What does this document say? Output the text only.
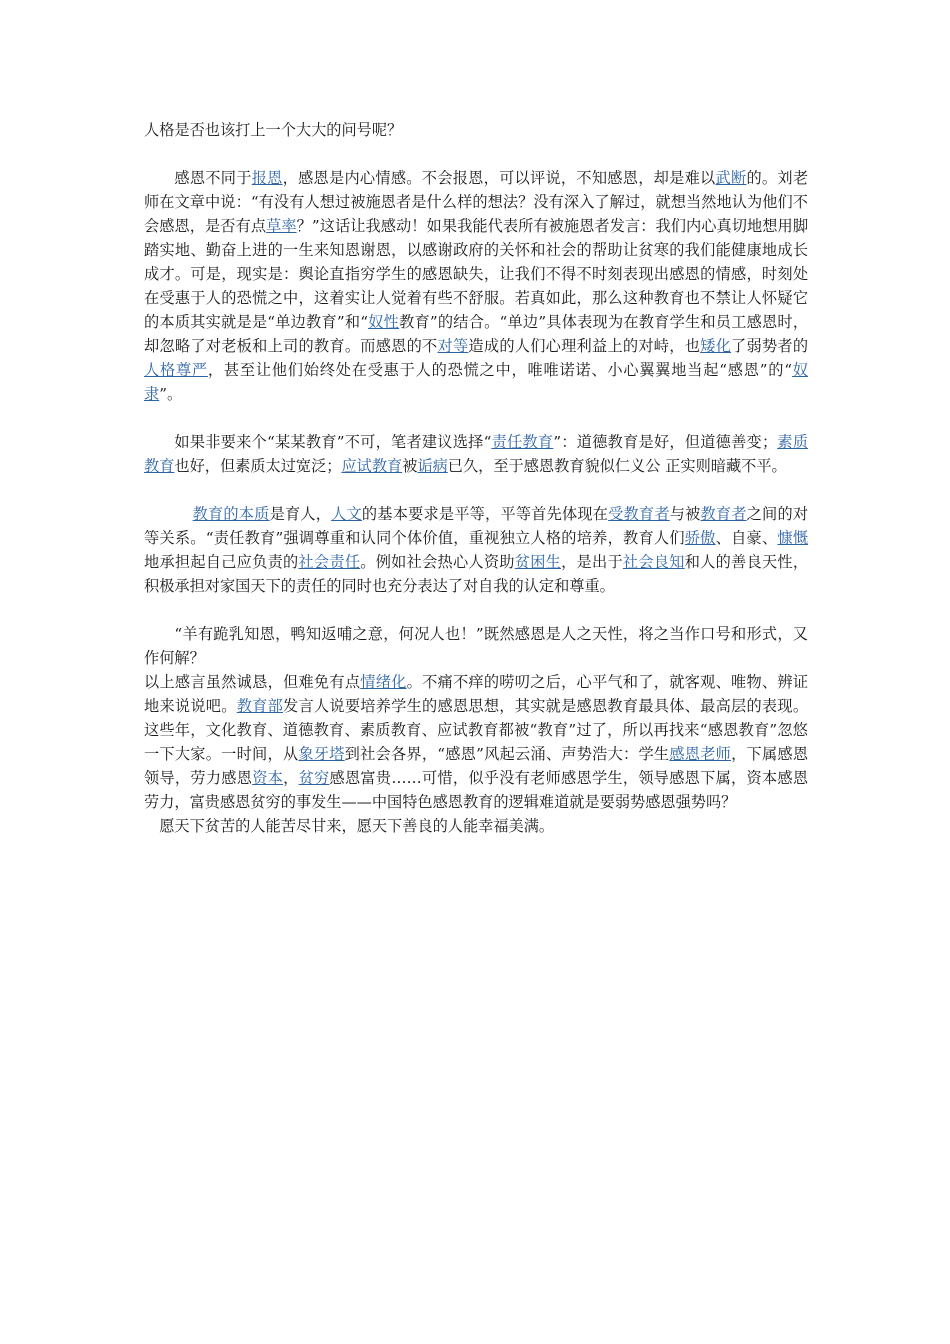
人格是否也该打上一个大大的问号呢？

感恩不同于报恩，感恩是内心情感。不会报恩，可以评说，不知感恩，却是难以武断的。刘老师在文章中说：“有没有人想过被施恩者是什么样的想法？没有深入了解过，就想当然地认为他们不会感恩，是否有点草率？”这话让我感动！如果我能代表所有被施恩者发言：我们内心真切地想用脚踏实地、勤奋上进的一生来知恩谢恩，以感谢政府的关怀和社会的帮助让贫寒的我们能健康地成长成才。可是，现实是：舆论直指穷学生的感恩缺失，让我们不得不时刻表现出感恩的情感，时刻处在受惠于人的恐慌之中，这着实让人觉着有些不舒服。若真如此，那么这种教育也不禁让人怀疑它的本质其实就是是“单边教育”和“奴性教育”的结合。“单边”具体表现为在教育学生和员工感恩时，却忽略了对老板和上司的教育。而感恩的不对等造成的人们心理利益上的对峙，也矮化了弱势者的人格尊严，甚至让他们始终处在受惠于人的恐慌之中，唯唯诺诺、小心翼翼地当起“感恩”的“奴隶”。

如果非要来个“某某教育”不可，笔者建议选择“责任教育”：道德教育是好，但道德善变；素质教育也好，但素质太过宽泛；应试教育被诟病已久，至于感恩教育貌似仁义公 正实则暗藏不平。

教育的本质是育人，人文的基本要求是平等，平等首先体现在受教育者与被教育者之间的对等关系。“责任教育”强调尊重和认同个体价值，重视独立人格的培养，教育人们骄傲、自豪、慷慨地承担起自己应负责的社会责任。例如社会热心人资助贫困生，是出于社会良知和人的善良天性，积极承担对家国天下的责任的同时也充分表达了对自我的认定和尊重。

“羊有跪乳知恩，鸭知返哺之意，何况人也！”既然感恩是人之天性，将之当作口号和形式，又作何解？

以上感言虽然诚恳，但难免有点情绪化。不痛不痒的唠叨之后，心平气和了，就客观、唯物、辨证地来说说吧。教育部发言人说要培养学生的感恩思想，其实就是感恩教育最具体、最高层的表现。这些年，文化教育、道德教育、素质教育、应试教育都被“教育”过了，所以再找来“感恩教育”忽悠一下大家。一时间，从象牙塔到社会各界，“感恩”风起云涌、声势浩大：学生感恩老师，下属感恩领导，劳力感恩资本，贫穷感恩富贵……可惜，似乎没有老师感恩学生，领导感恩下属，资本感恩劳力，富贵感恩贫穷的事发生——中国特色感恩教育的逻辑难道就是要弱势感恩强势吗？

愿天下贫苦的人能苦尽甘来，愿天下善良的人能幸福美满。
